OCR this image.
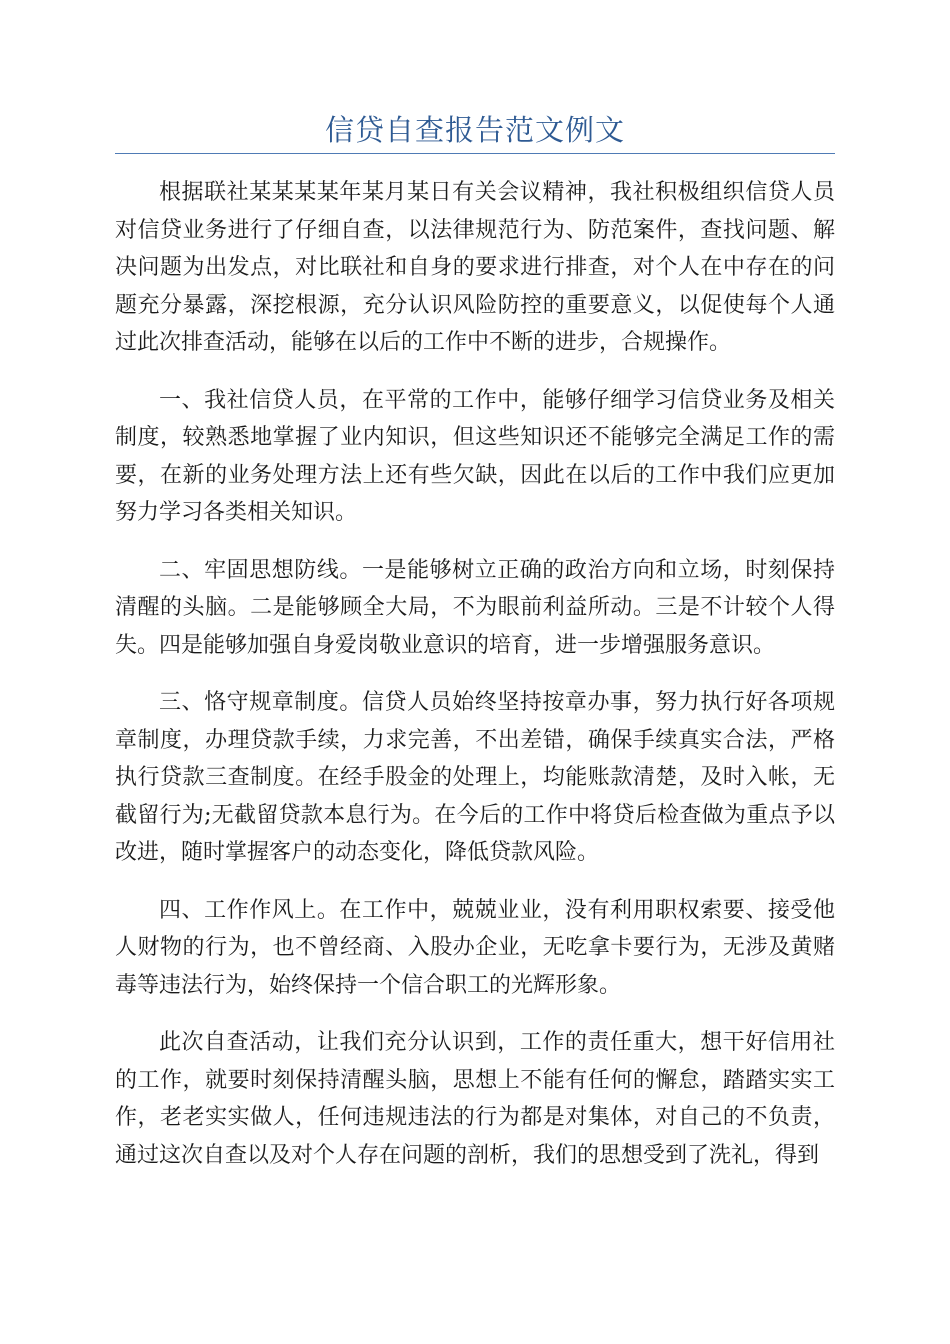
信贷自查报告范文例文

根据联社某某某某年某月某日有关会议精神，我社积极组织信贷人员对信贷业务进行了仔细自查，以法律规范行为、防范案件，查找问题、解决问题为出发点，对比联社和自身的要求进行排查，对个人在中存在的问题充分暴露，深挖根源，充分认识风险防控的重要意义，以促使每个人通过此次排查活动，能够在以后的工作中不断的进步，合规操作。

一、我社信贷人员，在平常的工作中，能够仔细学习信贷业务及相关制度，较熟悉地掌握了业内知识，但这些知识还不能够完全满足工作的需要，在新的业务处理方法上还有些欠缺，因此在以后的工作中我们应更加努力学习各类相关知识。

二、牢固思想防线。一是能够树立正确的政治方向和立场，时刻保持清醒的头脑。二是能够顾全大局，不为眼前利益所动。三是不计较个人得失。四是能够加强自身爱岗敬业意识的培育，进一步增强服务意识。

三、恪守规章制度。信贷人员始终坚持按章办事，努力执行好各项规章制度，办理贷款手续，力求完善，不出差错，确保手续真实合法，严格执行贷款三查制度。在经手股金的处理上，均能账款清楚，及时入帐，无截留行为;无截留贷款本息行为。在今后的工作中将贷后检查做为重点予以改进，随时掌握客户的动态变化，降低贷款风险。

四、工作作风上。在工作中，兢兢业业，没有利用职权索要、接受他人财物的行为，也不曾经商、入股办企业，无吃拿卡要行为，无涉及黄赌毒等违法行为，始终保持一个信合职工的光辉形象。

此次自查活动，让我们充分认识到，工作的责任重大，想干好信用社的工作，就要时刻保持清醒头脑，思想上不能有任何的懈怠，踏踏实实工作，老老实实做人，任何违规违法的行为都是对集体，对自己的不负责，通过这次自查以及对个人存在问题的剖析，我们的思想受到了洗礼，得到
